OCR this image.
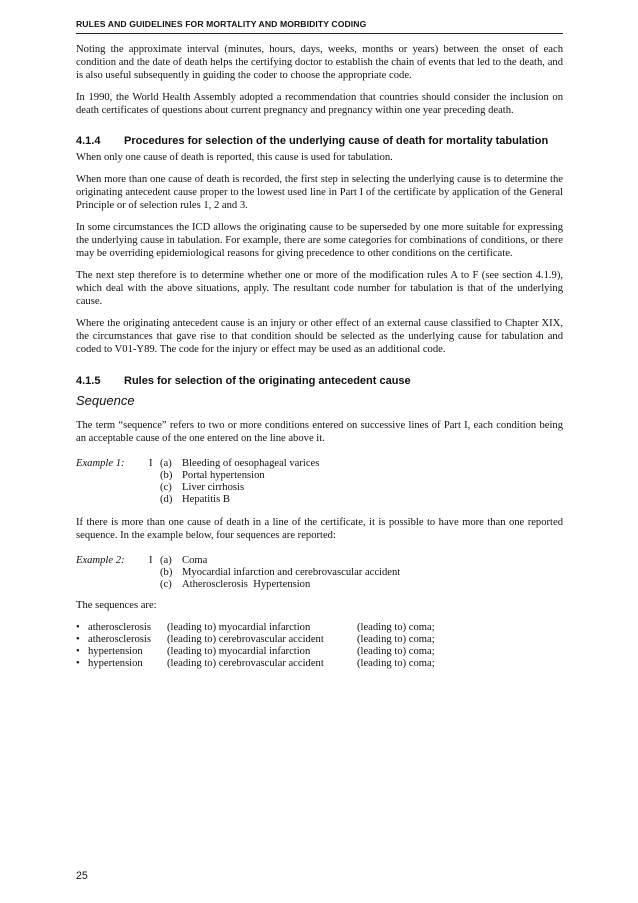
RULES AND GUIDELINES FOR MORTALITY AND MORBIDITY CODING

Noting the approximate interval (minutes, hours, days, weeks, months or years) between the onset of each condition and the date of death helps the certifying doctor to establish the chain of events that led to the death, and is also useful subsequently in guiding the coder to choose the appropriate code.

In 1990, the World Health Assembly adopted a recommendation that countries should consider the inclusion on death certificates of questions about current pregnancy and pregnancy within one year preceding death.

4.1.4	Procedures for selection of the underlying cause of death for mortality tabulation

When only one cause of death is reported, this cause is used for tabulation.

When more than one cause of death is recorded, the first step in selecting the underlying cause is to determine the originating antecedent cause proper to the lowest used line in Part I of the certificate by application of the General Principle or of selection rules 1, 2 and 3.

In some circumstances the ICD allows the originating cause to be superseded by one more suitable for expressing the underlying cause in tabulation. For example, there are some categories for combinations of conditions, or there may be overriding epidemiological reasons for giving precedence to other conditions on the certificate.

The next step therefore is to determine whether one or more of the modification rules A to F (see section 4.1.9), which deal with the above situations, apply. The resultant code number for tabulation is that of the underlying cause.

Where the originating antecedent cause is an injury or other effect of an external cause classified to Chapter XIX, the circumstances that gave rise to that condition should be selected as the underlying cause for tabulation and coded to V01-Y89. The code for the injury or effect may be used as an additional code.

4.1.5	Rules for selection of the originating antecedent cause
Sequence

The term “sequence” refers to two or more conditions entered on successive lines of Part I, each condition being an acceptable cause of the one entered on the line above it.

Example 1:	I (a) Bleeding of oesophageal varices
(b) Portal hypertension
(c) Liver cirrhosis
(d) Hepatitis B

If there is more than one cause of death in a line of the certificate, it is possible to have more than one reported sequence. In the example below, four sequences are reported:

Example 2:	I (a) Coma
(b) Myocardial infarction and cerebrovascular accident
(c) Atherosclerosis  Hypertension

The sequences are:

• atherosclerosis	(leading to) myocardial infarction	(leading to) coma;
• atherosclerosis	(leading to) cerebrovascular accident	(leading to) coma;
• hypertension	(leading to) myocardial infarction	(leading to) coma;
• hypertension	(leading to) cerebrovascular accident	(leading to) coma;
25
